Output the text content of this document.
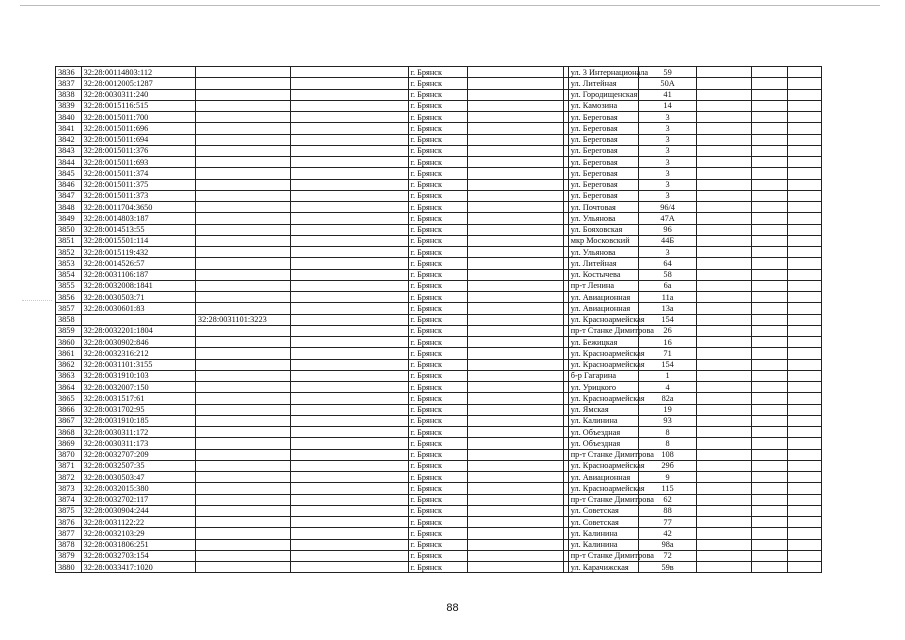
3836	32:28:00114803:112			г. Брянск			ул. 3 Интернационала	59			
3837	32:28:0012005:1287			г. Брянск			ул. Литейная	50А			
3838	32:28:0030311:240			г. Брянск			ул. Городищенская	41			
3839	32:28:0015116:515			г. Брянск			ул. Камозина	14			
3840	32:28:0015011:700			г. Брянск			ул. Береговая	3			
3841	32:28:0015011:696			г. Брянск			ул. Береговая	3			
3842	32:28:0015011:694			г. Брянск			ул. Береговая	3			
3843	32:28:0015011:376			г. Брянск			ул. Береговая	3			
3844	32:28:0015011:693			г. Брянск			ул. Береговая	3			
3845	32:28:0015011:374			г. Брянск			ул. Береговая	3			
3846	32:28:0015011:375			г. Брянск			ул. Береговая	3			
3847	32:28:0015011:373			г. Брянск			ул. Береговая	3			
3848	32:28:0011704:3650			г. Брянск			ул. Почтовая	96/4			
3849	32:28:0014803:187			г. Брянск			ул. Ульянова	47А			
3850	32:28:0014513:55			г. Брянск			ул. Бояховская	96			
3851	32:28:0015501:114			г. Брянск			мкр Московский	44Б			
3852	32:28:0015119:432			г. Брянск			ул. Ульянова	3			
3853	32:28:0014526:57			г. Брянск			ул. Литейная	64			
3854	32:28:0031106:187			г. Брянск			ул. Костычева	58			
3855	32:28:0032008:1841			г. Брянск			пр-т Ленина	6а			
3856	32:28:0030503:71			г. Брянск			ул. Авиационная	11а			
3857	32:28:0030601:83			г. Брянск			ул. Авиационная	13а			
3858		32:28:0031101:3223		г. Брянск			ул. Красноармейская	154			
3859	32:28:0032201:1804			г. Брянск			пр-т Станке Димитрова	26			
3860	32:28:0030902:846			г. Брянск			ул. Бежицкая	16			
3861	32:28:0032316:212			г. Брянск			ул. Красноармейская	71			
3862	32:28:0031101:3155			г. Брянск			ул. Красноармейская	154			
3863	32:28:0031910:103			г. Брянск			б-р Гагарина	1			
3864	32:28:0032007:150			г. Брянск			ул. Урицкого	4			
3865	32:28:0031517:61			г. Брянск			ул. Красноармейская	82а			
3866	32:28:0031702:95			г. Брянск			ул. Ямская	19			
3867	32:28:0031910:185			г. Брянск			ул. Калинина	93			
3868	32:28:0030311:172			г. Брянск			ул. Объездная	8			
3869	32:28:0030311:173			г. Брянск			ул. Объездная	8			
3870	32:28:0032707:209			г. Брянск			пр-т Станке Димитрова	108			
3871	32:28:0032507:35			г. Брянск			ул. Красноармейская	29б			
3872	32:28:0030503:47			г. Брянск			ул. Авиационная	9			
3873	32:28:0032015:380			г. Брянск			ул. Красноармейская	115			
3874	32:28:0032702:117			г. Брянск			пр-т Станке Димитрова	62			
3875	32:28:0030904:244			г. Брянск			ул. Советская	88			
3876	32:28:0031122:22			г. Брянск			ул. Советская	77			
3877	32:28:0032103:29			г. Брянск			ул. Калинина	42			
3878	32:28:0031806:251			г. Брянск			ул. Калинина	98а			
3879	32:28:0032703:154			г. Брянск			пр-т Станке Димитрова	72			
3880	32:28:0033417:1020			г. Брянск			ул. Карачижская	59в			
88
